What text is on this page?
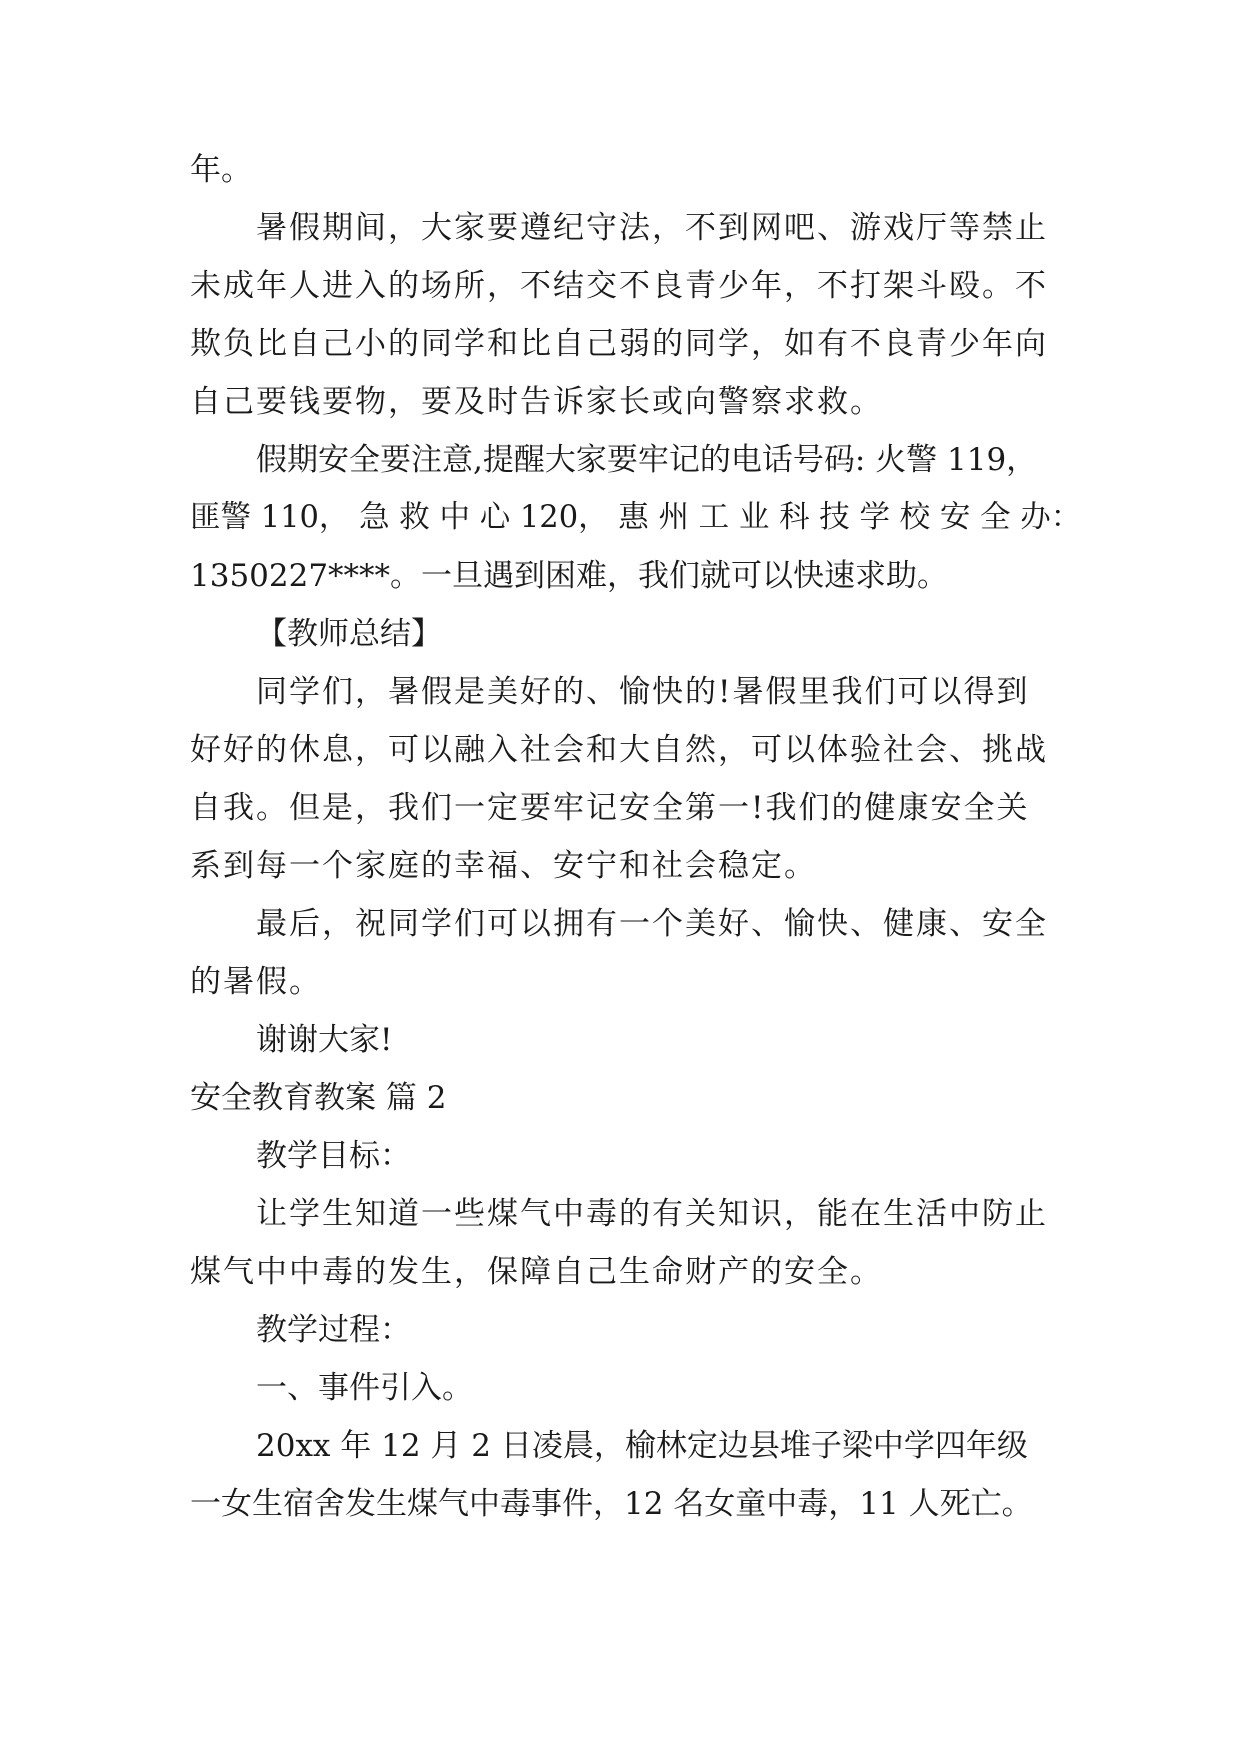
年。
暑假期间，大家要遵纪守法，不到网吧、游戏厅等禁止
未成年人进入的场所，不结交不良青少年，不打架斗殴。不
欺负比自己小的同学和比自己弱的同学，如有不良青少年向
自己要钱要物，要及时告诉家长或向警察求救。
假期安全要注意,提醒大家要牢记的电话号码: 火警 119，
匪警 110， 急 救 中 心 120， 惠 州 工 业 科 技 学 校 安 全 办：
1350227****。一旦遇到困难，我们就可以快速求助。
【教师总结】
同学们，暑假是美好的、愉快的!暑假里我们可以得到
好好的休息，可以融入社会和大自然，可以体验社会、挑战
自我。但是，我们一定要牢记安全第一!我们的健康安全关
系到每一个家庭的幸福、安宁和社会稳定。
最后，祝同学们可以拥有一个美好、愉快、健康、安全
的暑假。
谢谢大家!
安全教育教案 篇 2
教学目标：
让学生知道一些煤气中毒的有关知识，能在生活中防止
煤气中中毒的发生，保障自己生命财产的安全。
教学过程：
一、事件引入。
20xx 年 12 月 2 日凌晨，榆林定边县堆子梁中学四年级
一女生宿舍发生煤气中毒事件，12 名女童中毒，11 人死亡。
